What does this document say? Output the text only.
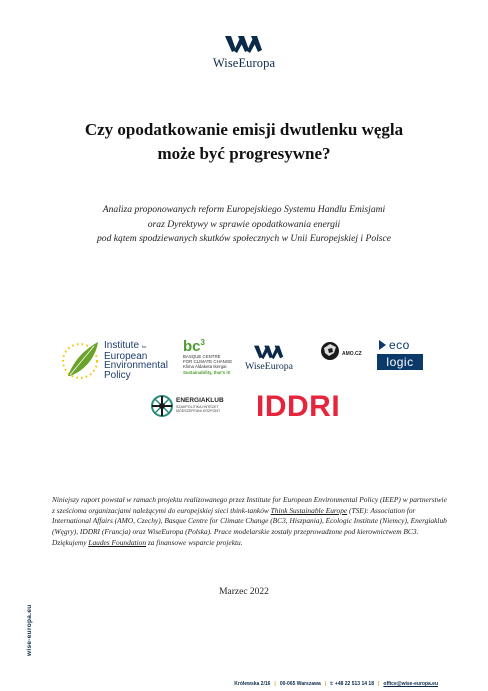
WiseEuropa
Czy opodatkowanie emisji dwutlenku węgla
może być progresywne?
Analiza proponowanych reform Europejskiego Systemu Handlu Emisjami
oraz Dyrektywy w sprawie opodatkowania energii
pod kątem spodziewanych skutków społecznych w Unii Europejskiej i Polsce
Institute for
European
Environmental
Policy
$bc^3$
BASQUE CENTRE
FOR CLIMATE CHANGE
Klima Aldaketa Ikergai
Sustainability, that's it!
WiseEuropa
AMO.CZ
eco
logic
ENERGIAKLUB
SZAKPOLITIKAI INTÉZET
MÓDSZERTANI KÖZPONT	IDDRI
Niniejszy raport powstał w ramach projektu realizowanego przez Institute for European Environmental Policy (IEEP) w partnerstwie z sześcioma organizacjami należącymi do europejskiej sieci think-tanków Think Sustainable Europe (TSE): Association for International Affairs (AMO, Czechy), Basque Centre for Climate Change (BC3, Hiszpania), Ecologic Institute (Niemcy), Energiaklub (Węgry), IDDRI (Francja) oraz WiseEuropa (Polska). Prace modelarskie zostały przeprowadzone pod kierownictwem BC3. Dziękujemy Laudes Foundation za finansowe wsparcie projektu.
Marzec 2022
wise-europa.eu
Królewska 2/16 | 00-065 Warszawa | t: +48 22 513 14 18 | office@wise-europa.eu
